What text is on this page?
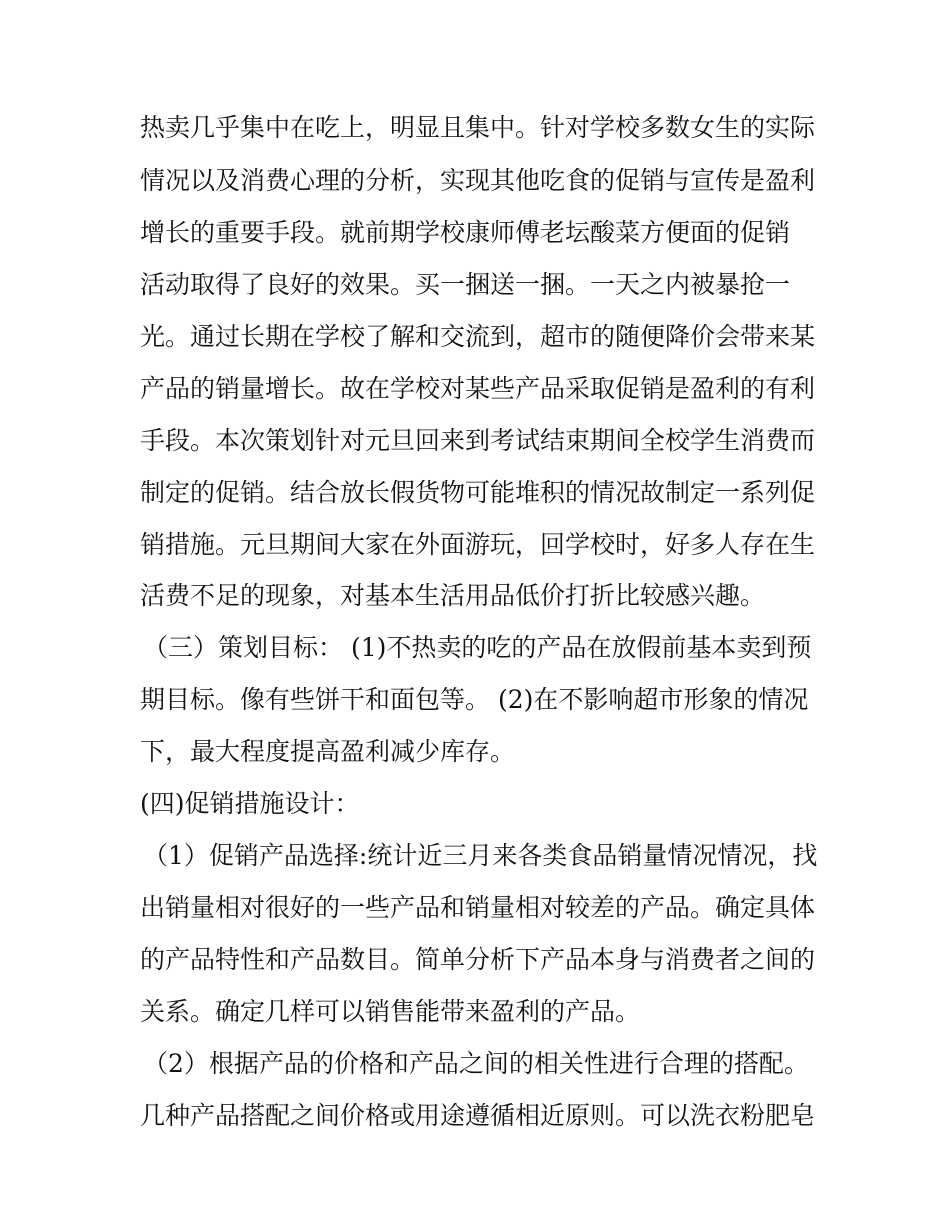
热卖几乎集中在吃上，明显且集中。针对学校多数女生的实际
情况以及消费心理的分析，实现其他吃食的促销与宣传是盈利
增长的重要手段。就前期学校康师傅老坛酸菜方便面的促销
活动取得了良好的效果。买一捆送一捆。一天之内被暴抢一
光。通过长期在学校了解和交流到，超市的随便降价会带来某
产品的销量增长。故在学校对某些产品采取促销是盈利的有利
手段。本次策划针对元旦回来到考试结束期间全校学生消费而
制定的促销。结合放长假货物可能堆积的情况故制定一系列促
销措施。元旦期间大家在外面游玩，回学校时，好多人存在生
活费不足的现象，对基本生活用品低价打折比较感兴趣。
（三）策划目标： (1)不热卖的吃的产品在放假前基本卖到预
期目标。像有些饼干和面包等。 (2)在不影响超市形象的情况
下，最大程度提高盈利减少库存。
(四)促销措施设计：
（1）促销产品选择:统计近三月来各类食品销量情况情况，找
出销量相对很好的一些产品和销量相对较差的产品。确定具体
的产品特性和产品数目。简单分析下产品本身与消费者之间的
关系。确定几样可以销售能带来盈利的产品。
（2）根据产品的价格和产品之间的相关性进行合理的搭配。
几种产品搭配之间价格或用途遵循相近原则。可以洗衣粉肥皂
